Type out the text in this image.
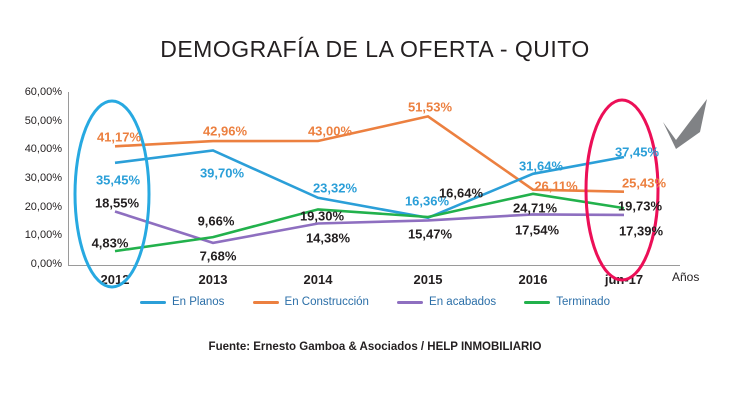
DEMOGRAFÍA DE LA OFERTA - QUITO
60,00%
50,00%
40,00%
30,00%
20,00%
10,00%
0,00%
2012	2013	2014	2015	2016	jun-17 Años
41,17%	42,96%	43,00%
51,53%
26,11%	25,43%
35,45%	39,70%
23,32%
16,36%
31,64%
37,45%
18,55%
7,68%
14,38%	15,47%	17,54%	17,39%
4,83%
9,66%	19,30%
16,64%
24,71%	19,73%
En Planos	En Construcción	En acabados	Terminado
Fuente: Ernesto Gamboa & Asociados / HELP INMOBILIARIO
